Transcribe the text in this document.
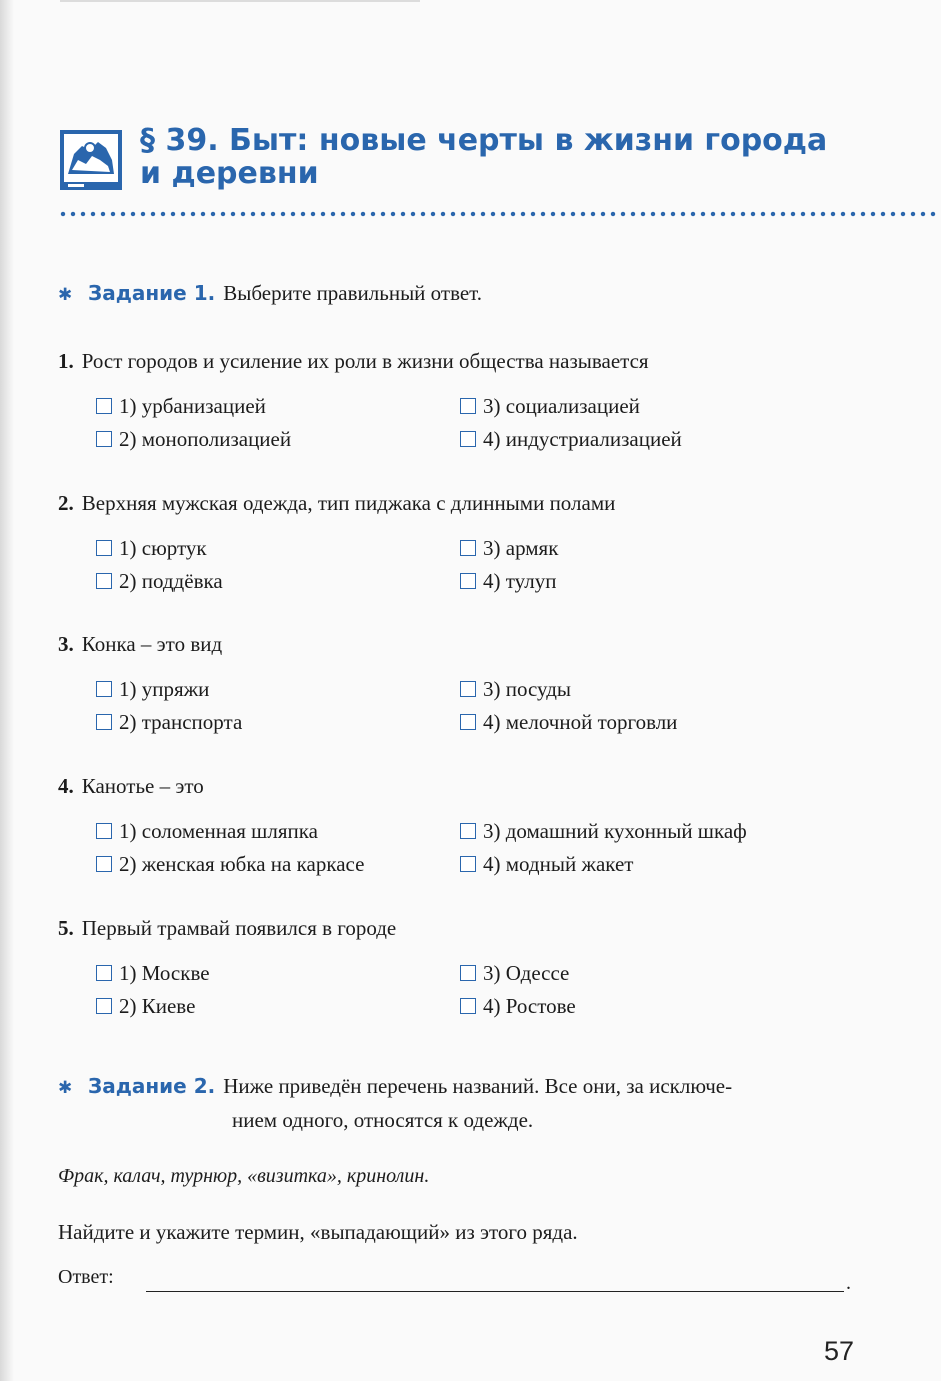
§ 39. Быт: новые черты в жизни города
и деревни
✱ Задание 1. Выберите правильный ответ.
1. Рост городов и усиление их роли в жизни общества называется
1) урбанизацией
2) монополизацией
3) социализацией
4) индустриализацией
2. Верхняя мужская одежда, тип пиджака с длинными полами
1) сюртук
2) поддёвка
3) армяк
4) тулуп
3. Конка – это вид
1) упряжи
2) транспорта
3) посуды
4) мелочной торговли
4. Канотье – это
1) соломенная шляпка
2) женская юбка на каркасе
3) домашний кухонный шкаф
4) модный жакет
5. Первый трамвай появился в городе
1) Москве
2) Киеве
3) Одессе
4) Ростове
✱ Задание 2. Ниже приведён перечень названий. Все они, за исключе-
нием одного, относятся к одежде.
Фрак, калач, турнюр, «визитка», кринолин.
Найдите и укажите термин, «выпадающий» из этого ряда.
Ответ:	.
57
